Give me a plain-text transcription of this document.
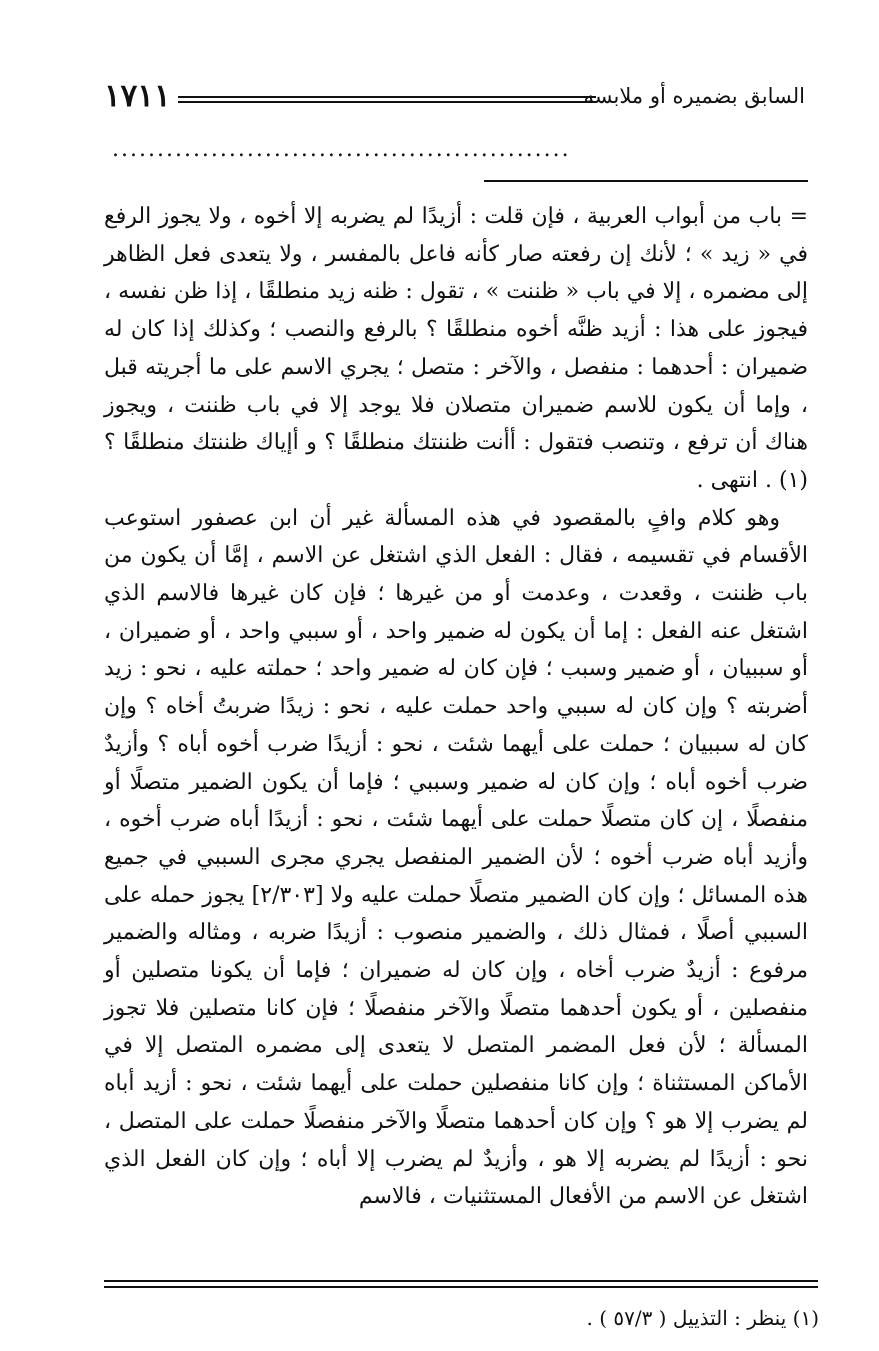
١٧١١	السابق بضميره أو ملابسه
...................................................

= باب من أبواب العربية ، فإن قلت : أزيدًا لم يضربه إلا أخوه ، ولا يجوز الرفع في « زيد » ؛ لأنك إن رفعته صار كأنه فاعل بالمفسر ، ولا يتعدى فعل الظاهر إلى مضمره ، إلا في باب « ظننت » ، تقول : ظنه زيد منطلقًا ، إذا ظن نفسه ، فيجوز على هذا : أزيد ظنَّه أخوه منطلقًا ؟ بالرفع والنصب ؛ وكذلك إذا كان له ضميران : أحدهما : منفصل ، والآخر : متصل ؛ يجري الاسم على ما أجريته قبل ، وإما أن يكون للاسم ضميران متصلان فلا يوجد إلا في باب ظننت ، ويجوز هناك أن ترفع ، وتنصب فتقول : أأنت ظننتك منطلقًا ؟ و أإياك ظننتك منطلقًا ؟ (١) . انتهى .

وهو كلام وافٍ بالمقصود في هذه المسألة غير أن ابن عصفور استوعب الأقسام في تقسيمه ، فقال : الفعل الذي اشتغل عن الاسم ، إمَّا أن يكون من باب ظننت ، وقعدت ، وعدمت أو من غيرها ؛ فإن كان غيرها فالاسم الذي اشتغل عنه الفعل : إما أن يكون له ضمير واحد ، أو سببي واحد ، أو ضميران ، أو سببيان ، أو ضمير وسبب ؛ فإن كان له ضمير واحد ؛ حملته عليه ، نحو : زيد أضربته ؟ وإن كان له سببي واحد حملت عليه ، نحو : زيدًا ضربتُ أخاه ؟ وإن كان له سببيان ؛ حملت على أيهما شئت ، نحو : أزيدًا ضرب أخوه أباه ؟ وأزيدٌ ضرب أخوه أباه ؛ وإن كان له ضمير وسببي ؛ فإما أن يكون الضمير متصلًا أو منفصلًا ، إن كان متصلًا حملت على أيهما شئت ، نحو : أزيدًا أباه ضرب أخوه ، وأزيد أباه ضرب أخوه ؛ لأن الضمير المنفصل يجري مجرى السببي في جميع هذه المسائل ؛ وإن كان الضمير متصلًا حملت عليه ولا [٢/٣٠٣] يجوز حمله على السببي أصلًا ، فمثال ذلك ، والضمير منصوب : أزيدًا ضربه ، ومثاله والضمير مرفوع : أزيدٌ ضرب أخاه ، وإن كان له ضميران ؛ فإما أن يكونا متصلين أو منفصلين ، أو يكون أحدهما متصلًا والآخر منفصلًا ؛ فإن كانا متصلين فلا تجوز المسألة ؛ لأن فعل المضمر المتصل لا يتعدى إلى مضمره المتصل إلا في الأماكن المستثناة ؛ وإن كانا منفصلين حملت على أيهما شئت ، نحو : أزيد أباه لم يضرب إلا هو ؟ وإن كان أحدهما متصلًا والآخر منفصلًا حملت على المتصل ، نحو : أزيدًا لم يضربه إلا هو ، وأزيدٌ لم يضرب إلا أباه ؛ وإن كان الفعل الذي اشتغل عن الاسم من الأفعال المستثنيات ، فالاسم

(١) ينظر : التذييل ( ٥٧/٣ ) .
